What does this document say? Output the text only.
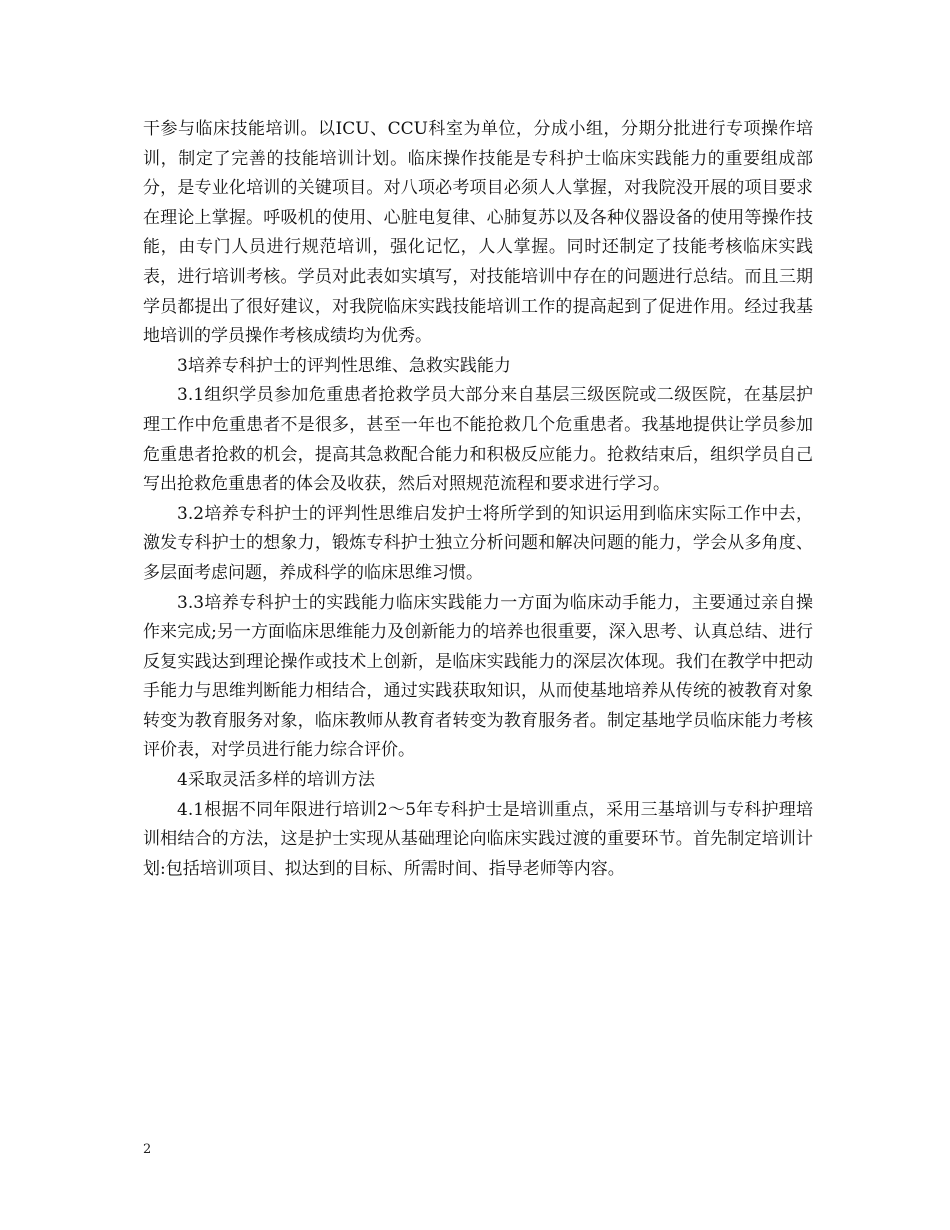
干参与临床技能培训。以ICU、CCU科室为单位，分成小组，分期分批进行专项操作培训，制定了完善的技能培训计划。临床操作技能是专科护士临床实践能力的重要组成部分，是专业化培训的关键项目。对八项必考项目必须人人掌握，对我院没开展的项目要求在理论上掌握。呼吸机的使用、心脏电复律、心肺复苏以及各种仪器设备的使用等操作技能，由专门人员进行规范培训，强化记忆，人人掌握。同时还制定了技能考核临床实践表，进行培训考核。学员对此表如实填写，对技能培训中存在的问题进行总结。而且三期学员都提出了很好建议，对我院临床实践技能培训工作的提高起到了促进作用。经过我基地培训的学员操作考核成绩均为优秀。

3培养专科护士的评判性思维、急救实践能力

3.1组织学员参加危重患者抢救学员大部分来自基层三级医院或二级医院，在基层护理工作中危重患者不是很多，甚至一年也不能抢救几个危重患者。我基地提供让学员参加危重患者抢救的机会，提高其急救配合能力和积极反应能力。抢救结束后，组织学员自己写出抢救危重患者的体会及收获，然后对照规范流程和要求进行学习。

3.2培养专科护士的评判性思维启发护士将所学到的知识运用到临床实际工作中去，激发专科护士的想象力，锻炼专科护士独立分析问题和解决问题的能力，学会从多角度、多层面考虑问题，养成科学的临床思维习惯。

3.3培养专科护士的实践能力临床实践能力一方面为临床动手能力，主要通过亲自操作来完成;另一方面临床思维能力及创新能力的培养也很重要，深入思考、认真总结、进行反复实践达到理论操作或技术上创新，是临床实践能力的深层次体现。我们在教学中把动手能力与思维判断能力相结合，通过实践获取知识，从而使基地培养从传统的被教育对象转变为教育服务对象，临床教师从教育者转变为教育服务者。制定基地学员临床能力考核评价表，对学员进行能力综合评价。

4采取灵活多样的培训方法

4.1根据不同年限进行培训2～5年专科护士是培训重点，采用三基培训与专科护理培训相结合的方法，这是护士实现从基础理论向临床实践过渡的重要环节。首先制定培训计划:包括培训项目、拟达到的目标、所需时间、指导老师等内容。

2
